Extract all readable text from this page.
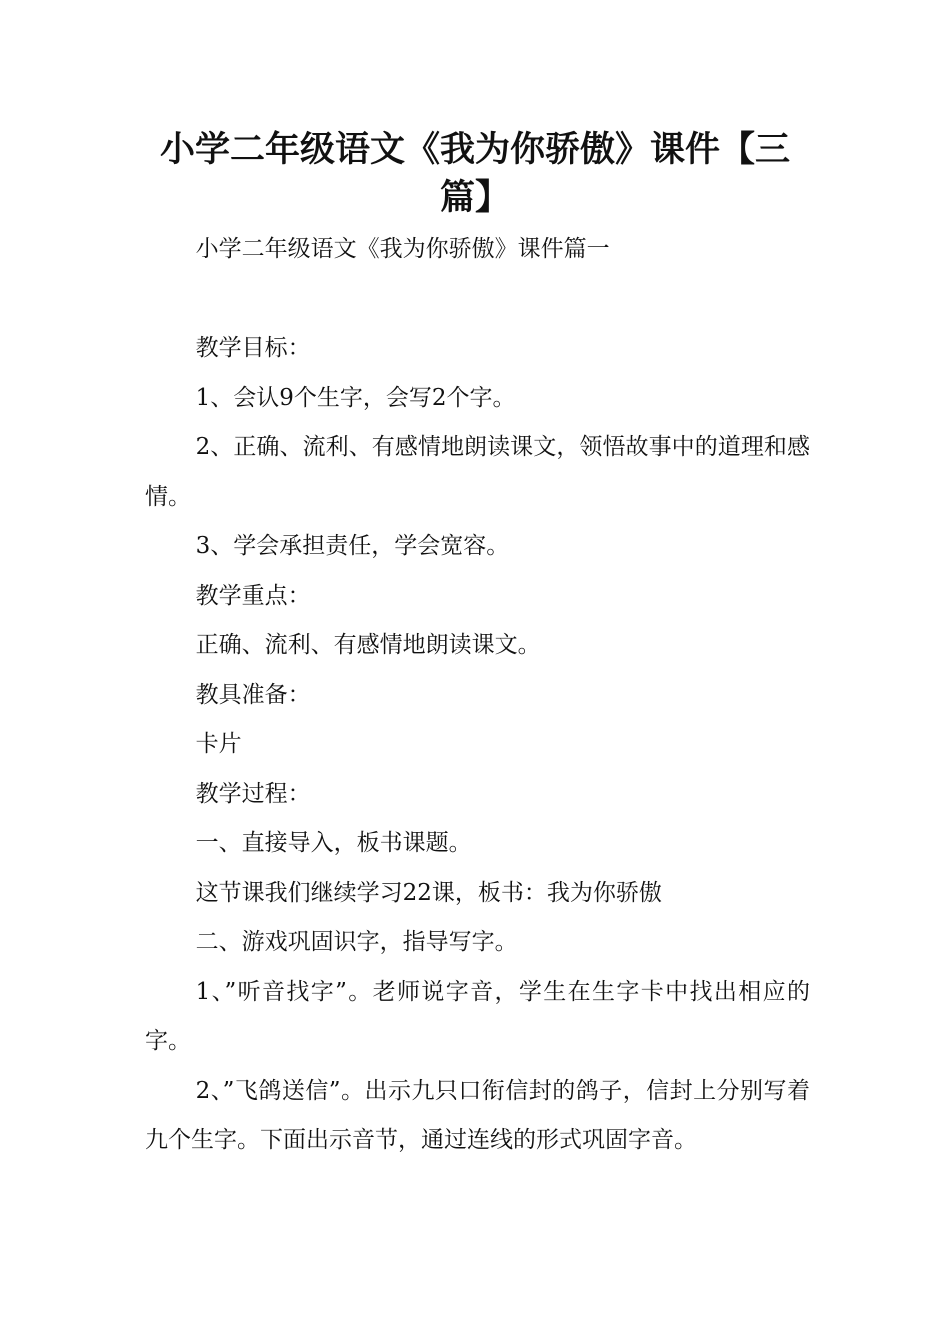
小学二年级语文《我为你骄傲》课件【三篇】

小学二年级语文《我为你骄傲》课件篇一

教学目标：

1、会认9个生字，会写2个字。

2、正确、流利、有感情地朗读课文，领悟故事中的道理和感情。

3、学会承担责任，学会宽容。

教学重点：

正确、流利、有感情地朗读课文。

教具准备：

卡片

教学过程：

一、直接导入，板书课题。

这节课我们继续学习22课，板书：我为你骄傲

二、游戏巩固识字，指导写字。

1、”听音找字”。老师说字音，学生在生字卡中找出相应的字。

2、”飞鸽送信”。出示九只口衔信封的鸽子，信封上分别写着九个生字。下面出示音节，通过连线的形式巩固字音。
